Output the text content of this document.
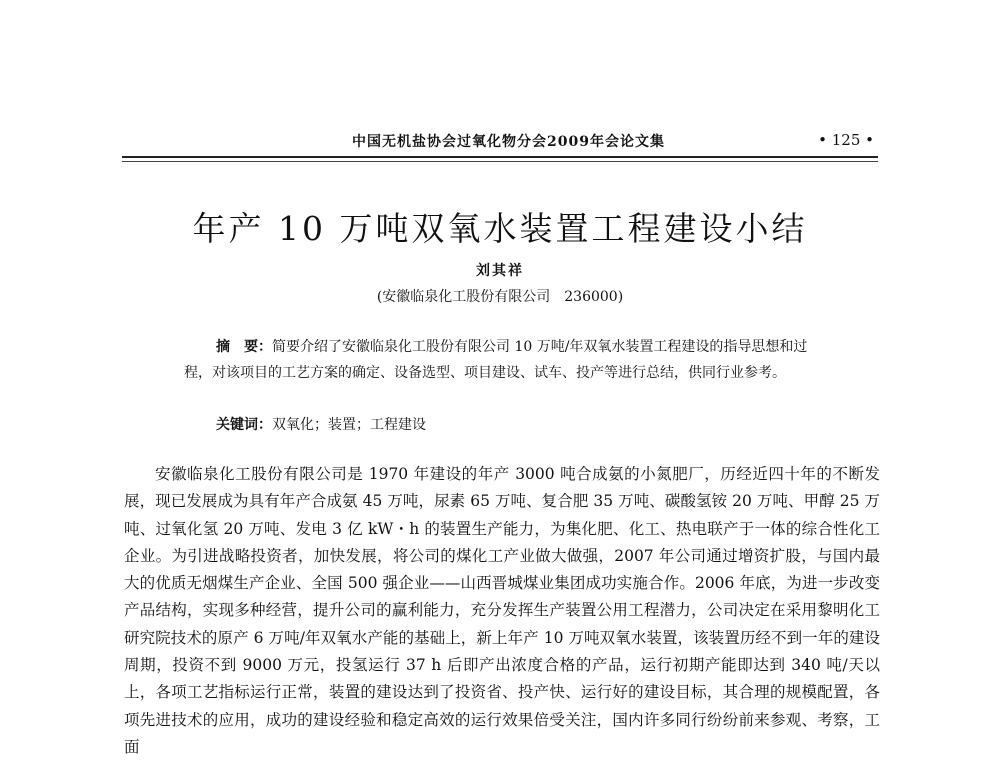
中国无机盐协会过氧化物分会2009年会论文集	• 125 •
年产 10 万吨双氧水装置工程建设小结
刘其祥
(安徽临泉化工股份有限公司　236000)

摘　要：简要介绍了安徽临泉化工股份有限公司 10 万吨/年双氧水装置工程建设的指导思想和过程，对该项目的工艺方案的确定、设备选型、项目建设、试车、投产等进行总结，供同行业参考。

关键词：双氧化；装置；工程建设

安徽临泉化工股份有限公司是 1970 年建设的年产 3000 吨合成氨的小氮肥厂，历经近四十年的不断发展，现已发展成为具有年产合成氨 45 万吨，尿素 65 万吨、复合肥 35 万吨、碳酸氢铵 20 万吨、甲醇 25 万吨、过氧化氢 20 万吨、发电 3 亿 kW・h 的装置生产能力，为集化肥、化工、热电联产于一体的综合性化工企业。为引进战略投资者，加快发展，将公司的煤化工产业做大做强，2007 年公司通过增资扩股，与国内最大的优质无烟煤生产企业、全国 500 强企业——山西晋城煤业集团成功实施合作。2006 年底，为进一步改变产品结构，实现多种经营，提升公司的赢利能力，充分发挥生产装置公用工程潜力，公司决定在采用黎明化工研究院技术的原产 6 万吨/年双氧水产能的基础上，新上年产 10 万吨双氧水装置，该装置历经不到一年的建设周期，投资不到 9000 万元，投氢运行 37 h 后即产出浓度合格的产品，运行初期产能即达到 340 吨/天以上，各项工艺指标运行正常，装置的建设达到了投资省、投产快、运行好的建设目标，其合理的规模配置，各项先进技术的应用，成功的建设经验和稳定高效的运行效果倍受关注，国内许多同行纷纷前来参观、考察，工面
